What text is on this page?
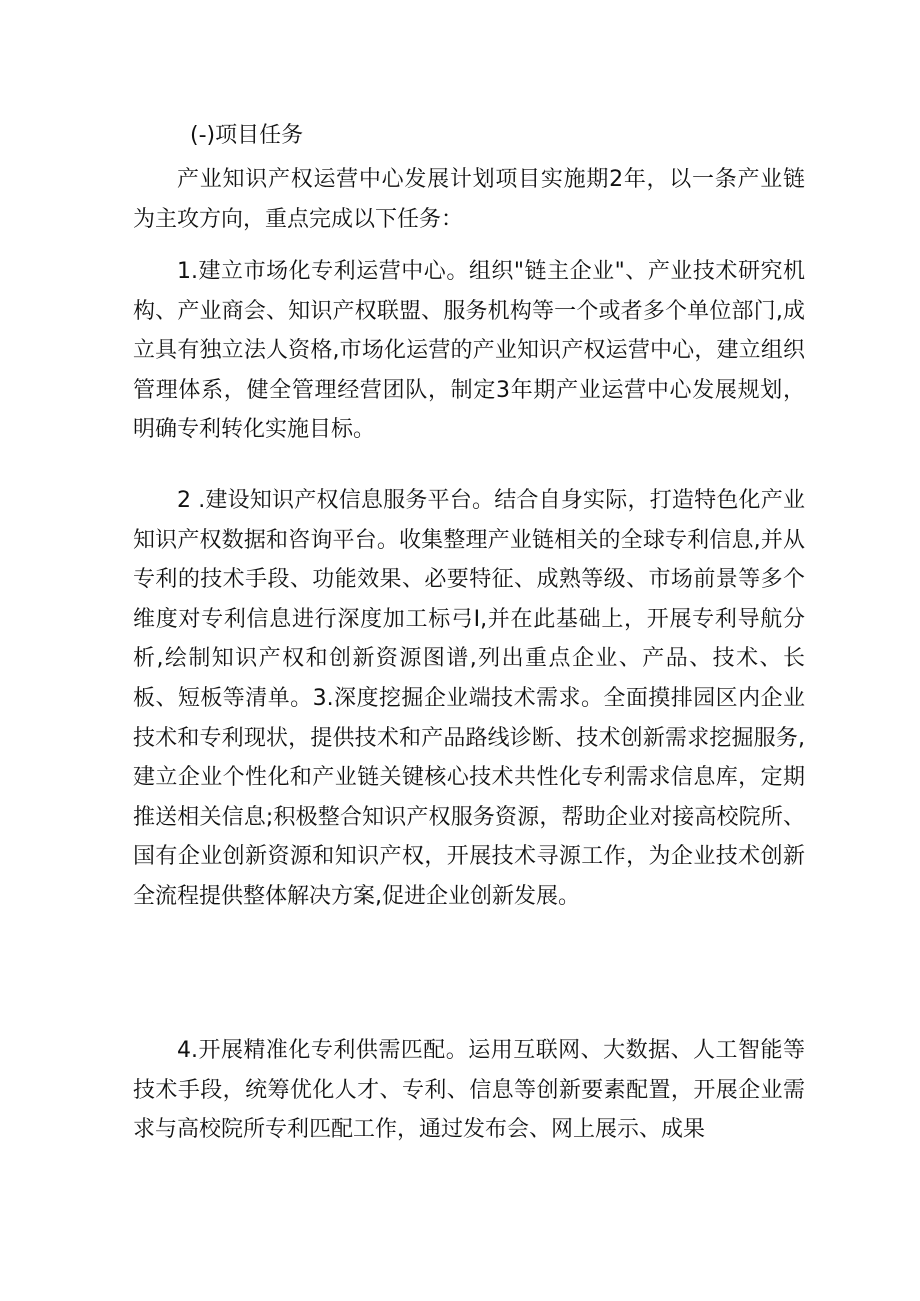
(-)项目任务

产业知识产权运营中心发展计划项目实施期2年，以一条产业链为主攻方向，重点完成以下任务：

1.建立市场化专利运营中心。组织"链主企业"、产业技术研究机构、产业商会、知识产权联盟、服务机构等一个或者多个单位部门,成立具有独立法人资格,市场化运营的产业知识产权运营中心，建立组织管理体系，健全管理经营团队，制定3年期产业运营中心发展规划，明确专利转化实施目标。

2 .建设知识产权信息服务平台。结合自身实际，打造特色化产业知识产权数据和咨询平台。收集整理产业链相关的全球专利信息,并从专利的技术手段、功能效果、必要特征、成熟等级、市场前景等多个维度对专利信息进行深度加工标弓I,并在此基础上，开展专利导航分析,绘制知识产权和创新资源图谱,列出重点企业、产品、技术、长板、短板等清单。3.深度挖掘企业端技术需求。全面摸排园区内企业技术和专利现状，提供技术和产品路线诊断、技术创新需求挖掘服务,建立企业个性化和产业链关键核心技术共性化专利需求信息库，定期推送相关信息;积极整合知识产权服务资源，帮助企业对接高校院所、国有企业创新资源和知识产权，开展技术寻源工作，为企业技术创新全流程提供整体解决方案,促进企业创新发展。

4.开展精准化专利供需匹配。运用互联网、大数据、人工智能等技术手段，统筹优化人才、专利、信息等创新要素配置，开展企业需求与高校院所专利匹配工作，通过发布会、网上展示、成果
